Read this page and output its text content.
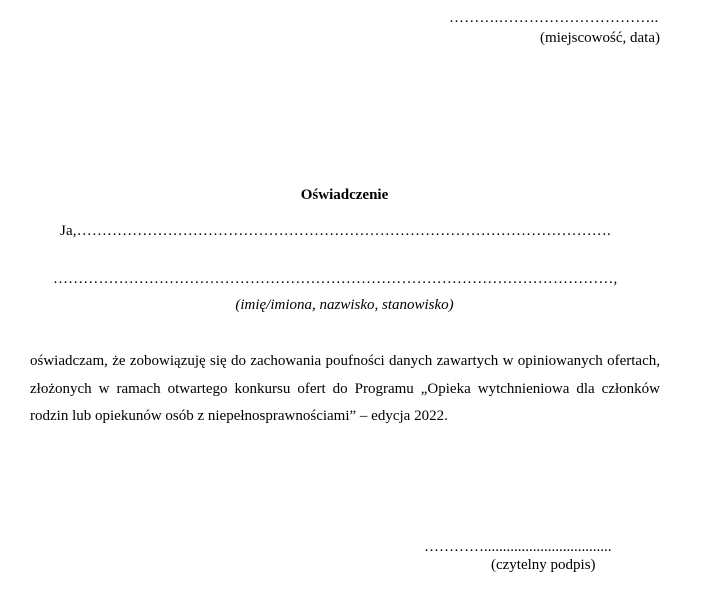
……….…………………………..
(miejscowość, data)
Oświadczenie
Ja,…………………………………………………………………………………………….
…………………………………………………………………………………………………,
(imię/imiona, nazwisko, stanowisko)
oświadczam, że zobowiązuję się do zachowania poufności danych zawartych w opiniowanych ofertach,
złożonych w ramach otwartego konkursu ofert do Programu „Opieka wytchnieniowa dla członków
rodzin lub opiekunów osób z niepełnosprawnościami” – edycja 2022.
…………..................................
(czytelny podpis)
